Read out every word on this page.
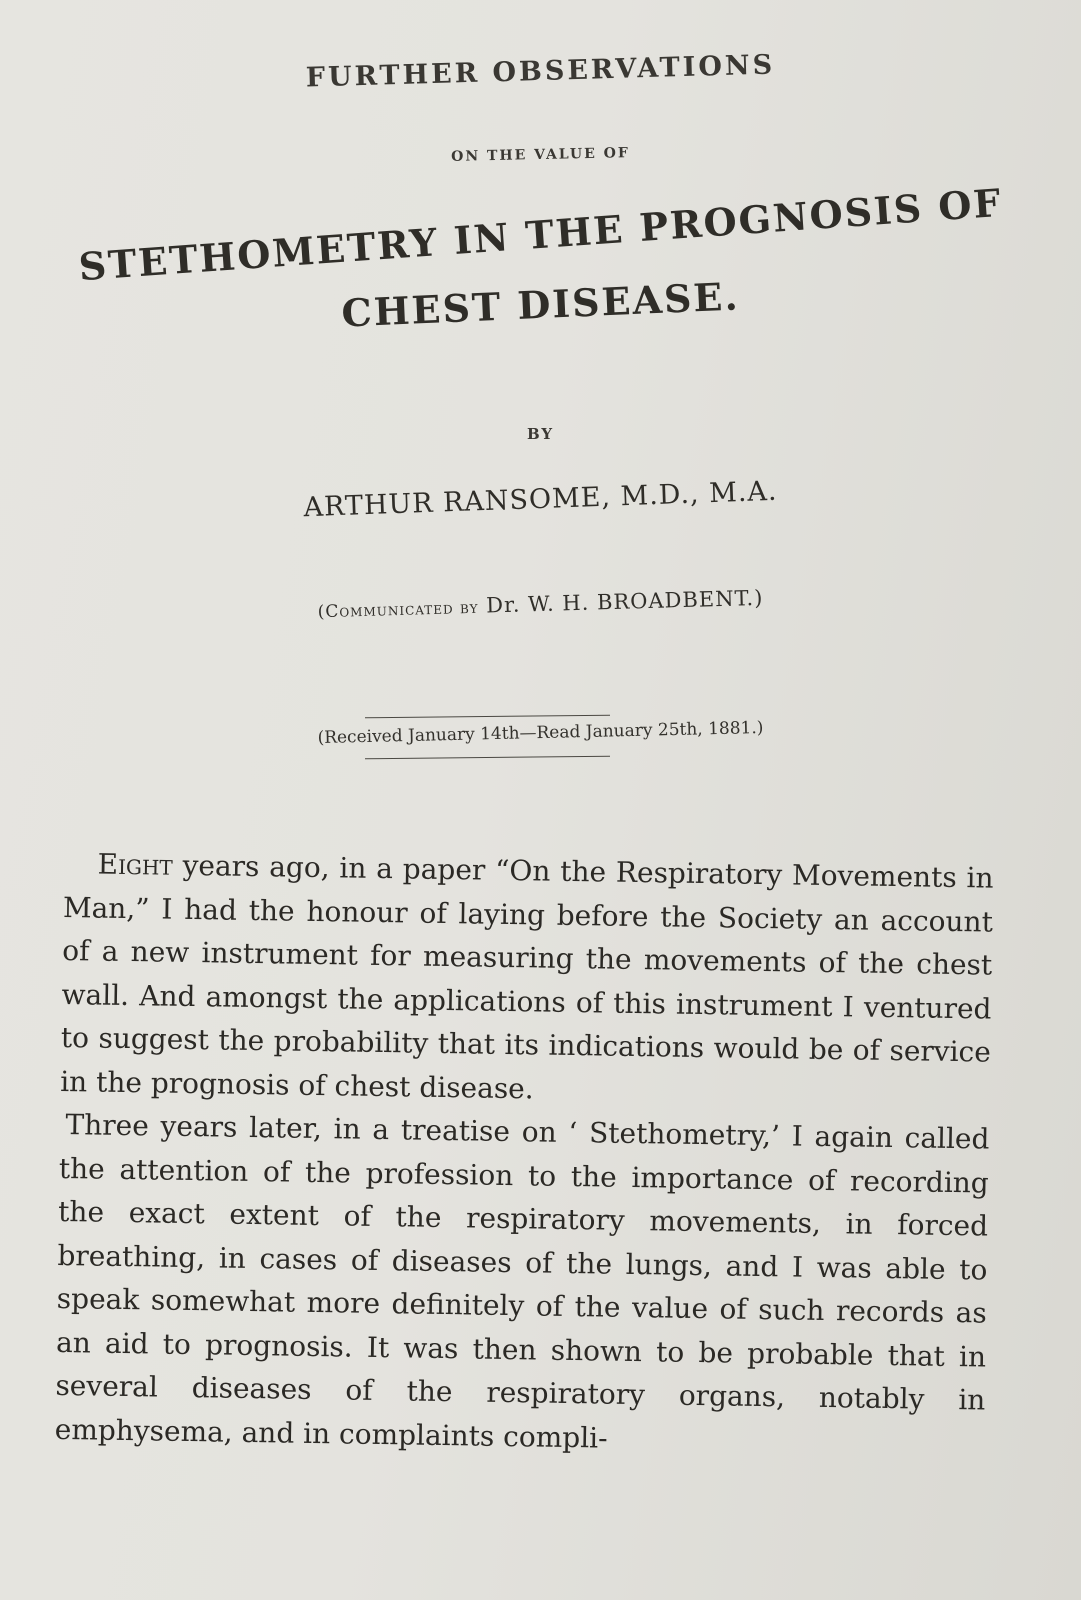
FURTHER OBSERVATIONS
ON THE VALUE OF
STETHOMETRY IN THE PROGNOSIS OF
CHEST DISEASE.
BY
ARTHUR RANSOME, M.D., M.A.
(Communicated by Dr. W. H. BROADBENT.)
(Received January 14th—Read January 25th, 1881.)

Eight years ago, in a paper “On the Respiratory Movements in Man,” I had the honour of laying before the Society an account of a new instrument for measuring the movements of the chest wall. And amongst the applications of this instrument I ventured to suggest the probability that its indications would be of service in the prognosis of chest disease.

Three years later, in a treatise on ‘ Stethometry,’ I again called the attention of the profession to the importance of recording the exact extent of the respiratory movements, in forced breathing, in cases of diseases of the lungs, and I was able to speak somewhat more definitely of the value of such records as an aid to prognosis. It was then shown to be probable that in several diseases of the respiratory organs, notably in emphysema, and in complaints compli-
